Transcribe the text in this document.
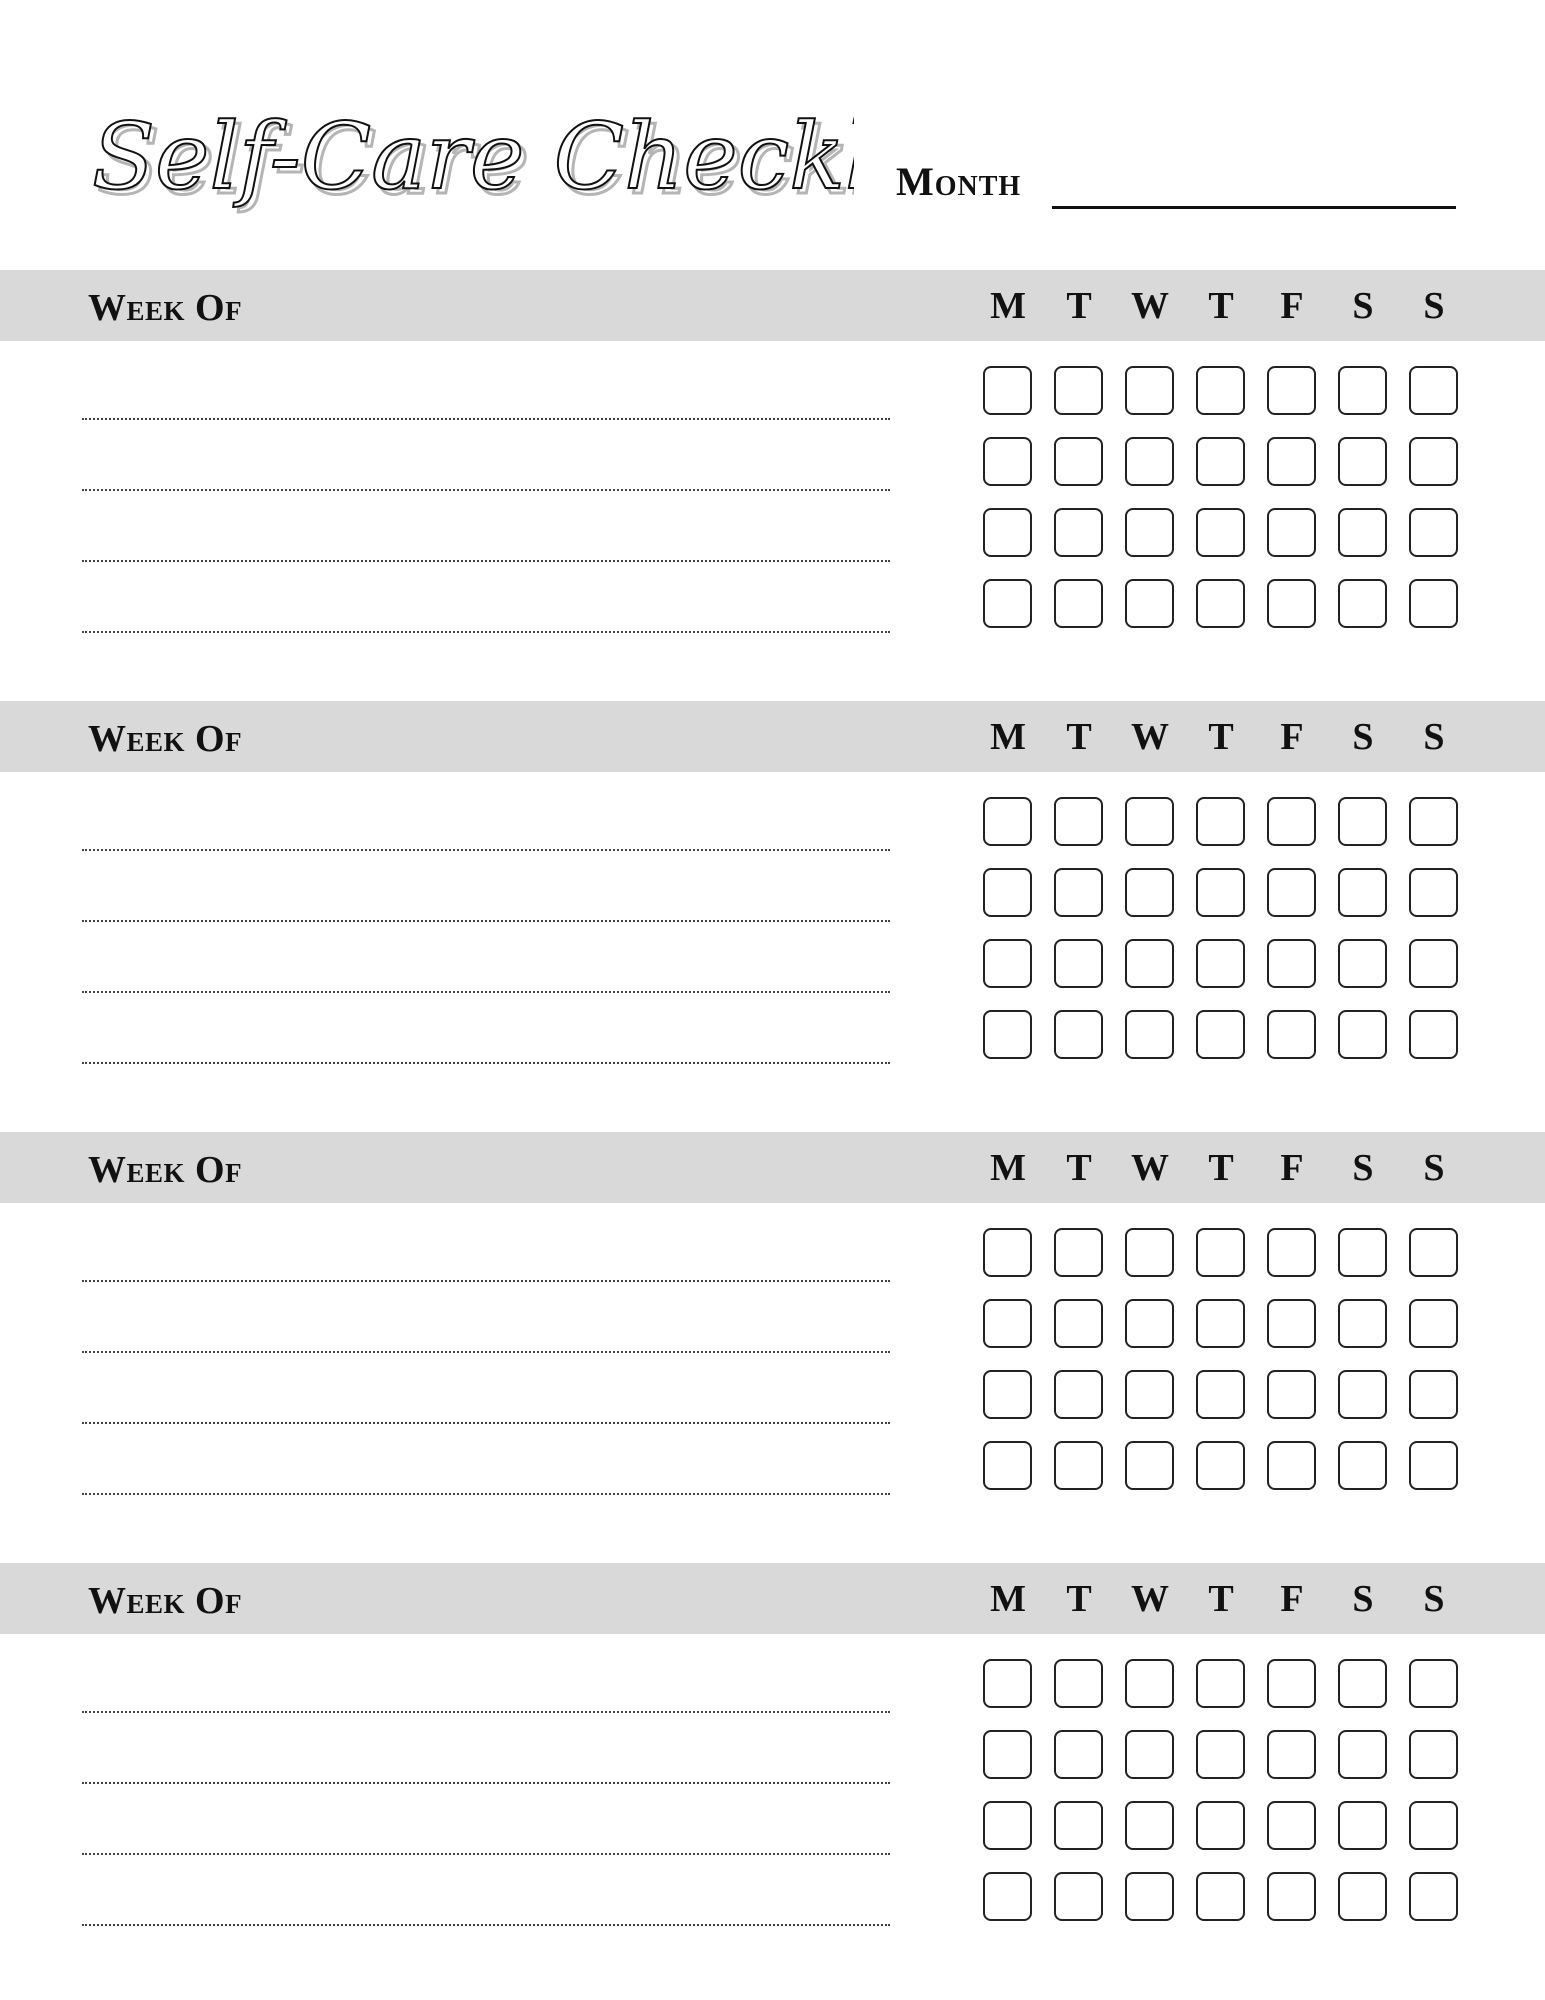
Self-Care Check
Self-Care Check	Month
Week Of	M	T	W	T	F	S	S
Week Of	M	T	W	T	F	S	S
Week Of	M	T	W	T	F	S	S
Week Of	M	T	W	T	F	S	S
